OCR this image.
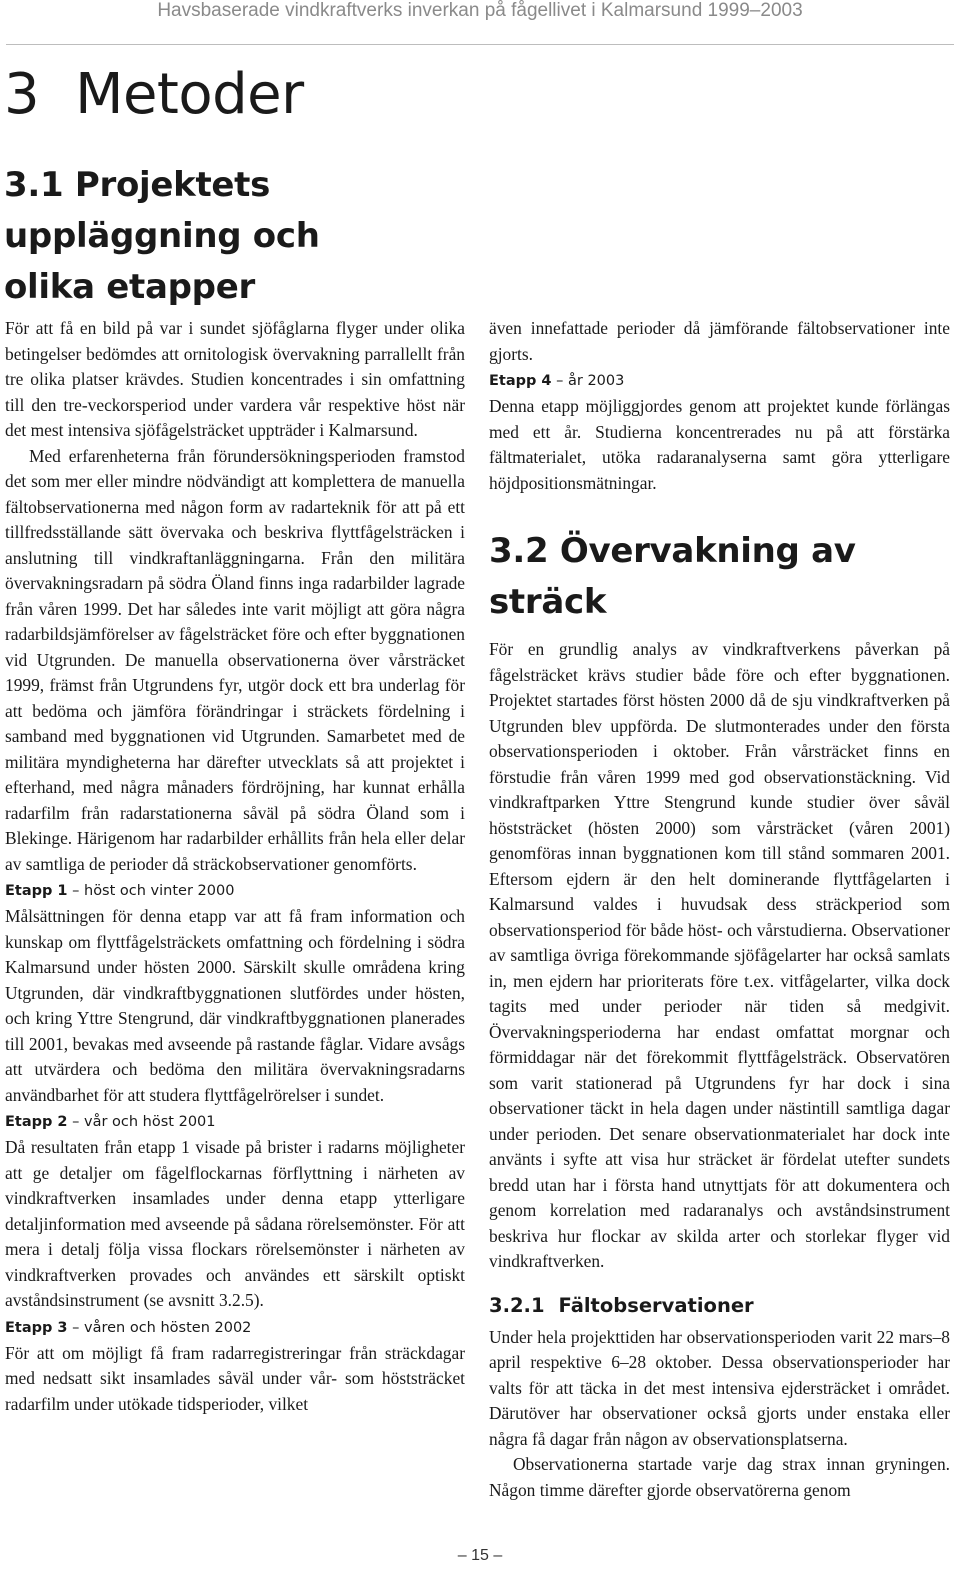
Havsbaserade vindkraftverks inverkan på fågellivet i Kalmarsund 1999–2003
3 Metoder
3.1 Projektets uppläggning och olika etapper

För att få en bild på var i sundet sjöfåglarna flyger under olika betingelser bedömdes att ornitologisk övervakning parrallellt från tre olika platser krävdes. Studien koncentrades i sin omfattning till den tre-veckorsperiod under vardera vår respektive höst när det mest intensiva sjöfågelsträcket uppträder i Kalmarsund.

Med erfarenheterna från förundersökningsperioden framstod det som mer eller mindre nödvändigt att komplettera de manuella fältobservationerna med någon form av radarteknik för att på ett tillfredsställande sätt övervaka och beskriva flyttfågelsträcken i anslutning till vindkraftanläggningarna. Från den militära övervakningsradarn på södra Öland finns inga radarbilder lagrade från våren 1999. Det har således inte varit möjligt att göra några radarbildsjämförelser av fågelsträcket före och efter byggnationen vid Utgrunden. De manuella observationerna över vårsträcket 1999, främst från Utgrundens fyr, utgör dock ett bra underlag för att bedöma och jämföra förändringar i sträckets fördelning i samband med byggnationen vid Utgrunden. Samarbetet med de militära myndigheterna har därefter utvecklats så att projektet i efterhand, med några månaders fördröjning, har kunnat erhålla radarfilm från radarstationerna såväl på södra Öland som i Blekinge. Härigenom har radarbilder erhållits från hela eller delar av samtliga de perioder då sträckobservationer genomförts.

Etapp 1 – höst och vinter 2000

Målsättningen för denna etapp var att få fram information och kunskap om flyttfågelsträckets omfattning och fördelning i södra Kalmarsund under hösten 2000. Särskilt skulle områdena kring Utgrunden, där vindkraftbyggnationen slutfördes under hösten, och kring Yttre Stengrund, där vindkraftbyggnationen planerades till 2001, bevakas med avseende på rastande fåglar. Vidare avsågs att utvärdera och bedöma den militära övervakningsradarns användbarhet för att studera flyttfågelrörelser i sundet.

Etapp 2 – vår och höst 2001

Då resultaten från etapp 1 visade på brister i radarns möjligheter att ge detaljer om fågelflockarnas förflyttning i närheten av vindkraftverken insamlades under denna etapp ytterligare detaljinformation med avseende på sådana rörelsemönster. För att mera i detalj följa vissa flockars rörelsemönster i närheten av vindkraftverken provades och användes ett särskilt optiskt avståndsinstrument (se avsnitt 3.2.5).

Etapp 3 – våren och hösten 2002

För att om möjligt få fram radarregistreringar från sträckdagar med nedsatt sikt insamlades såväl under vår- som höststräcket radarfilm under utökade tidsperioder, vilket

även innefattade perioder då jämförande fältobservationer inte gjorts.

Etapp 4 – år 2003

Denna etapp möjliggjordes genom att projektet kunde förlängas med ett år. Studierna koncentrerades nu på att förstärka fältmaterialet, utöka radaranalyserna samt göra ytterligare höjdpositionsmätningar.

3.2 Övervakning av sträck

För en grundlig analys av vindkraftverkens påverkan på fågelsträcket krävs studier både före och efter byggnationen. Projektet startades först hösten 2000 då de sju vindkraftverken på Utgrunden blev uppförda. De slutmonterades under den första observationsperioden i oktober. Från vårsträcket finns en förstudie från våren 1999 med god observationstäckning. Vid vindkraftparken Yttre Stengrund kunde studier över såväl höststräcket (hösten 2000) som vårsträcket (våren 2001) genomföras innan byggnationen kom till stånd sommaren 2001. Eftersom ejdern är den helt dominerande flyttfågelarten i Kalmarsund valdes i huvudsak dess sträckperiod som observationsperiod för både höst- och vårstudierna. Observationer av samtliga övriga förekommande sjöfågelarter har också samlats in, men ejdern har prioriterats före t.ex. vitfågelarter, vilka dock tagits med under perioder när tiden så medgivit. Övervakningsperioderna har endast omfattat morgnar och förmiddagar när det förekommit flyttfågelsträck. Observatören som varit stationerad på Utgrundens fyr har dock i sina observationer täckt in hela dagen under nästintill samtliga dagar under perioden. Det senare observationmaterialet har dock inte använts i syfte att visa hur sträcket är fördelat utefter sundets bredd utan har i första hand utnyttjats för att dokumentera och genom korrelation med radaranalys och avståndsinstrument beskriva hur flockar av skilda arter och storlekar flyger vid vindkraftverken.

3.2.1 Fältobservationer

Under hela projekttiden har observationsperioden varit 22 mars–8 april respektive 6–28 oktober. Dessa observationsperioder har valts för att täcka in det mest intensiva ejdersträcket i området. Därutöver har observationer också gjorts under enstaka eller några få dagar från någon av observationsplatserna.

Observationerna startade varje dag strax innan gryningen. Någon timme därefter gjorde observatörerna genom

– 15 –
